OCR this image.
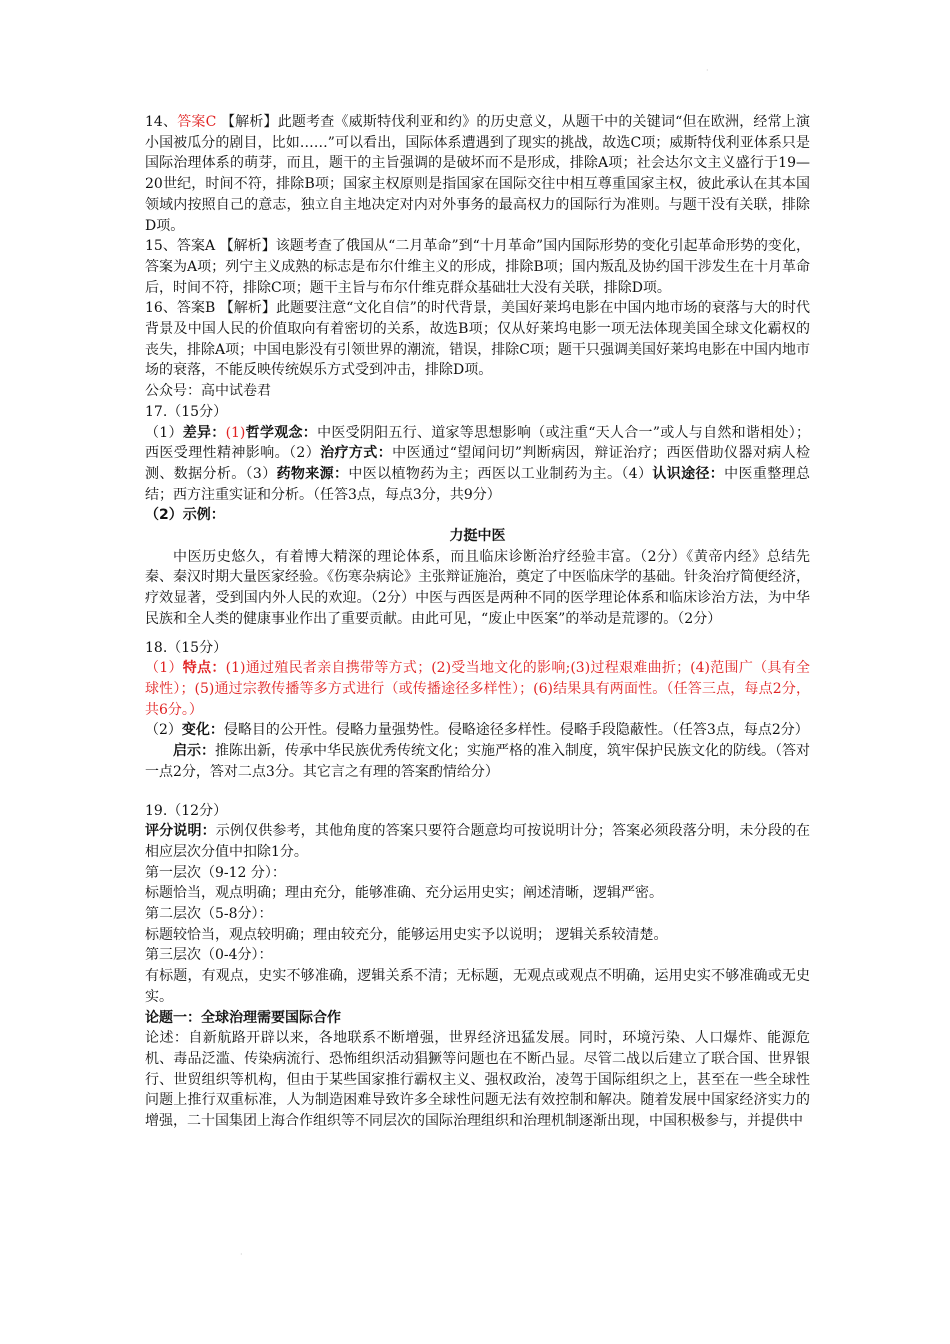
·
·

14、答案C 【解析】此题考查《威斯特伐利亚和约》的历史意义，从题干中的关键词“但在欧洲，经常上演小国被瓜分的剧目，比如……”可以看出，国际体系遭遇到了现实的挑战，故选C项；威斯特伐利亚体系只是国际治理体系的萌芽，而且，题干的主旨强调的是破坏而不是形成，排除A项；社会达尔文主义盛行于19—20世纪，时间不符，排除B项；国家主权原则是指国家在国际交往中相互尊重国家主权，彼此承认在其本国领域内按照自己的意志，独立自主地决定对内对外事务的最高权力的国际行为准则。与题干没有关联，排除D项。

15、答案A 【解析】该题考查了俄国从“二月革命”到“十月革命”国内国际形势的变化引起革命形势的变化，答案为A项；列宁主义成熟的标志是布尔什维主义的形成，排除B项；国内叛乱及协约国干涉发生在十月革命后，时间不符，排除C项；题干主旨与布尔什维克群众基础壮大没有关联，排除D项。

16、答案B 【解析】此题要注意“文化自信”的时代背景，美国好莱坞电影在中国内地市场的衰落与大的时代背景及中国人民的价值取向有着密切的关系，故选B项；仅从好莱坞电影一项无法体现美国全球文化霸权的丧失，排除A项；中国电影没有引领世界的潮流，错误，排除C项；题干只强调美国好莱坞电影在中国内地市场的衰落，不能反映传统娱乐方式受到冲击，排除D项。

公众号：高中试卷君

17.（15分）

（1）差异：(1)哲学观念：中医受阴阳五行、道家等思想影响（或注重“天人合一”或人与自然和谐相处）；西医受理性精神影响。（2）治疗方式：中医通过“望闻问切”判断病因，辩证治疗；西医借助仪器对病人检测、数据分析。（3）药物来源：中医以植物药为主；西医以工业制药为主。（4）认识途径：中医重整理总结；西方注重实证和分析。（任答3点，每点3分，共9分）

（2）示例：

力挺中医

中医历史悠久，有着博大精深的理论体系，而且临床诊断治疗经验丰富。（2分）《黄帝内经》总结先秦、秦汉时期大量医家经验。《伤寒杂病论》主张辩证施治，奠定了中医临床学的基础。针灸治疗简便经济，疗效显著，受到国内外人民的欢迎。（2分）中医与西医是两种不同的医学理论体系和临床诊治方法，为中华民族和全人类的健康事业作出了重要贡献。由此可见，“废止中医案”的举动是荒谬的。（2分）

18.（15分）

（1）特点：(1)通过殖民者亲自携带等方式；(2)受当地文化的影响;(3)过程艰难曲折；(4)范围广（具有全球性）；(5)通过宗教传播等多方式进行（或传播途径多样性）；(6)结果具有两面性。（任答三点，每点2分，共6分。）

（2）变化：侵略目的公开性。侵略力量强势性。侵略途径多样性。侵略手段隐蔽性。（任答3点，每点2分）

启示：推陈出新，传承中华民族优秀传统文化；实施严格的准入制度，筑牢保护民族文化的防线。（答对一点2分，答对二点3分。其它言之有理的答案酌情给分）

19.（12分）

评分说明：示例仅供参考，其他角度的答案只要符合题意均可按说明计分；答案必须段落分明，未分段的在相应层次分值中扣除1分。

第一层次（9-12 分）：

标题恰当，观点明确；理由充分，能够准确、充分运用史实；阐述清晰，逻辑严密。

第二层次（5-8分）：

标题较恰当，观点较明确；理由较充分，能够运用史实予以说明； 逻辑关系较清楚。

第三层次（0-4分）：

有标题，有观点，史实不够准确，逻辑关系不清；无标题，无观点或观点不明确，运用史实不够准确或无史实。

论题一：全球治理需要国际合作

论述：自新航路开辟以来，各地联系不断增强，世界经济迅猛发展。同时，环境污染、人口爆炸、能源危机、毒品泛滥、传染病流行、恐怖组织活动猖獗等问题也在不断凸显。尽管二战以后建立了联合国、世界银行、世贸组织等机构，但由于某些国家推行霸权主义、强权政治，凌驾于国际组织之上，甚至在一些全球性问题上推行双重标准，人为制造困难导致许多全球性问题无法有效控制和解决。随着发展中国家经济实力的增强，二十国集团上海合作组织等不同层次的国际治理组织和治理机制逐渐出现，中国积极参与，并提供中
